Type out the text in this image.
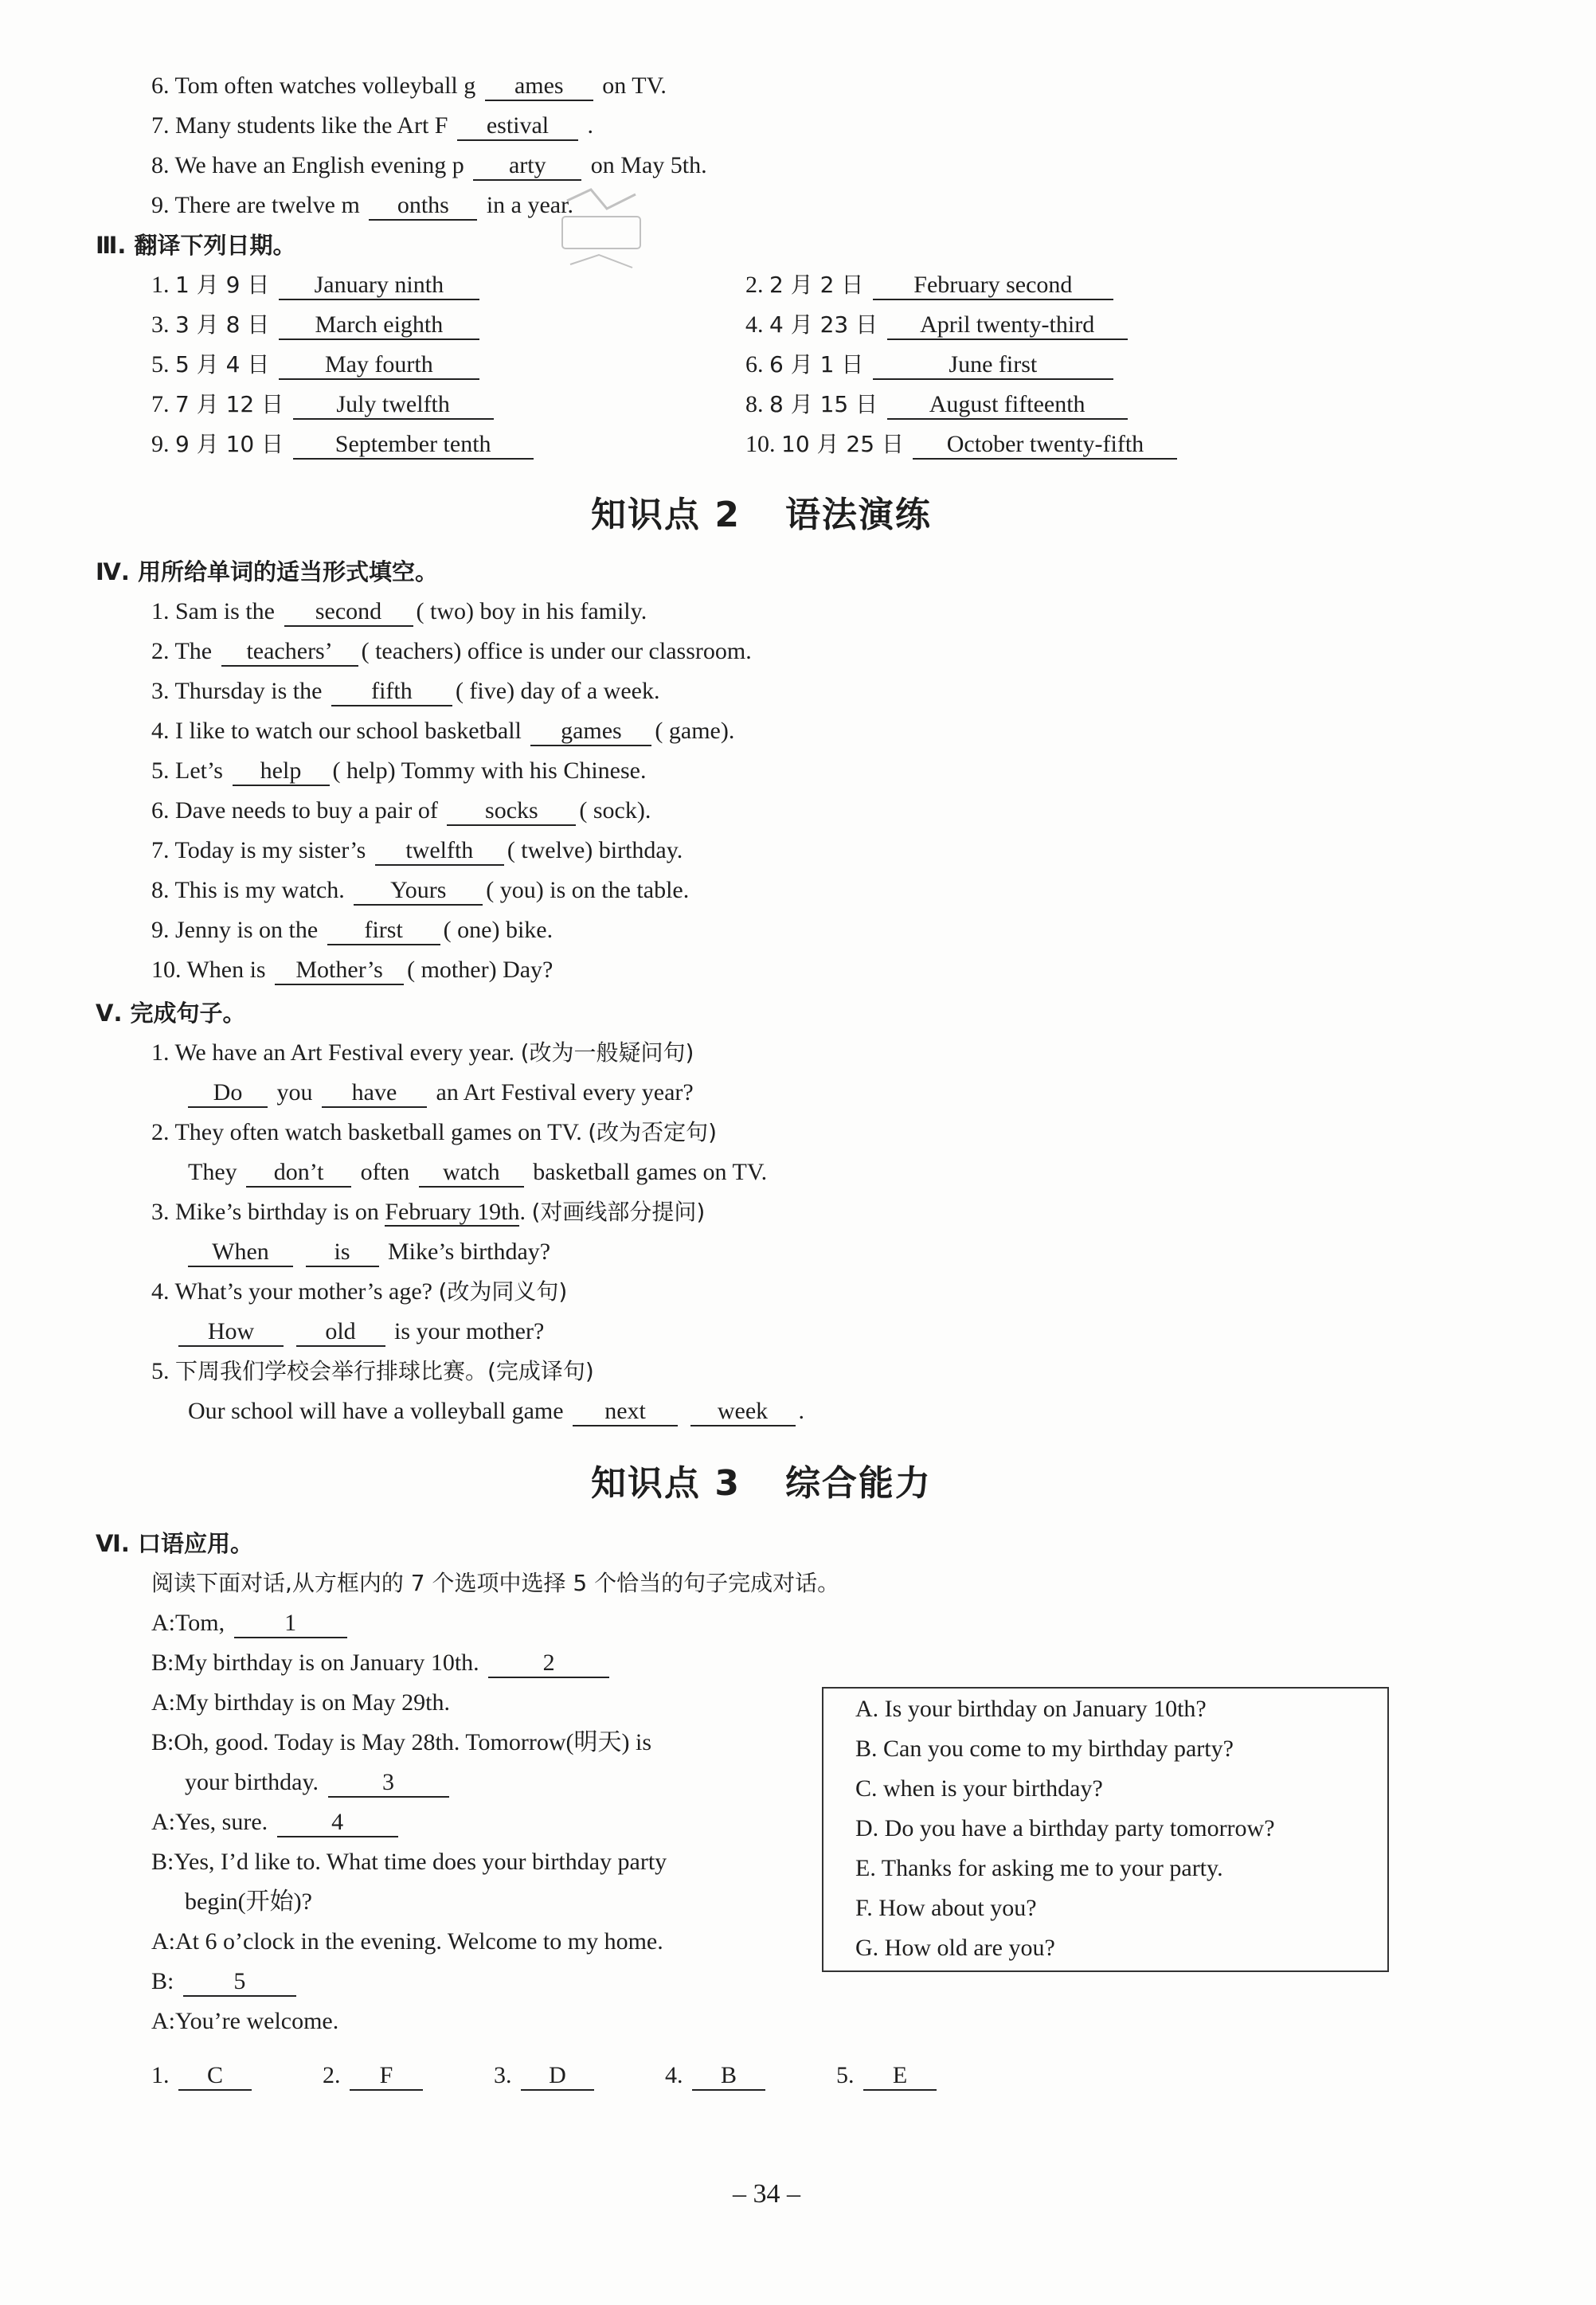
6. Tom often watches volleyball g ames on TV.
7. Many students like the Art F estival .
8. We have an English evening p arty on May 5th.
9. There are twelve m onths in a year.
Ⅲ. 翻译下列日期。
1. 1 月 9 日 January ninth	2. 2 月 2 日 February second
3. 3 月 8 日 March eighth	4. 4 月 23 日 April twenty-third
5. 5 月 4 日 May fourth	6. 6 月 1 日	June first
7. 7 月 12 日 July twelfth	8. 8 月 15 日 August fifteenth
9. 9 月 10 日 September tenth	10. 10 月 25 日 October twenty-fifth
知识点 2 语法演练
Ⅳ. 用所给单词的适当形式填空。
1. Sam is the second ( two) boy in his family.
2. The teachers’ ( teachers) office is under our classroom.
3. Thursday is the fifth ( five) day of a week.
4. I like to watch our school basketball games ( game).
5. Let’s help ( help) Tommy with his Chinese.
6. Dave needs to buy a pair of socks ( sock).
7. Today is my sister’s twelfth ( twelve) birthday.
8. This is my watch. Yours ( you) is on the table.
9. Jenny is on the first ( one) bike.
10. When is Mother’s ( mother) Day?
Ⅴ. 完成句子。
1. We have an Art Festival every year. (改为一般疑问句)
Do you have an Art Festival every year?
2. They often watch basketball games on TV. (改为否定句)
They don’t often watch basketball games on TV.
3. Mike’s birthday is on February 19th. (对画线部分提问)
When	is Mike’s birthday?
4. What’s your mother’s age? (改为同义句)
How	old is your mother?
5. 下周我们学校会举行排球比赛。(完成译句)
Our school will have a volleyball game next	week .
知识点 3 综合能力
Ⅵ. 口语应用。
阅读下面对话,从方框内的 7 个选项中选择 5 个恰当的句子完成对话。
A:Tom,	1
B:My birthday is on January 10th.	2
A:My birthday is on May 29th.
B:Oh, good. Today is May 28th. Tomorrow(明天) is
your birthday.	3
A:Yes, sure.	4
B:Yes, I’d like to. What time does your birthday party
begin(开始)?
A:At 6 o’clock in the evening. Welcome to my home.
B:	5
A:You’re welcome.
A. Is your birthday on January 10th?
B. Can you come to my birthday party?
C. when is your birthday?
D. Do you have a birthday party tomorrow?
E. Thanks for asking me to your party.
F. How about you?
G. How old are you?
1. C	2. F	3. D	4. B	5. E
– 34 –
